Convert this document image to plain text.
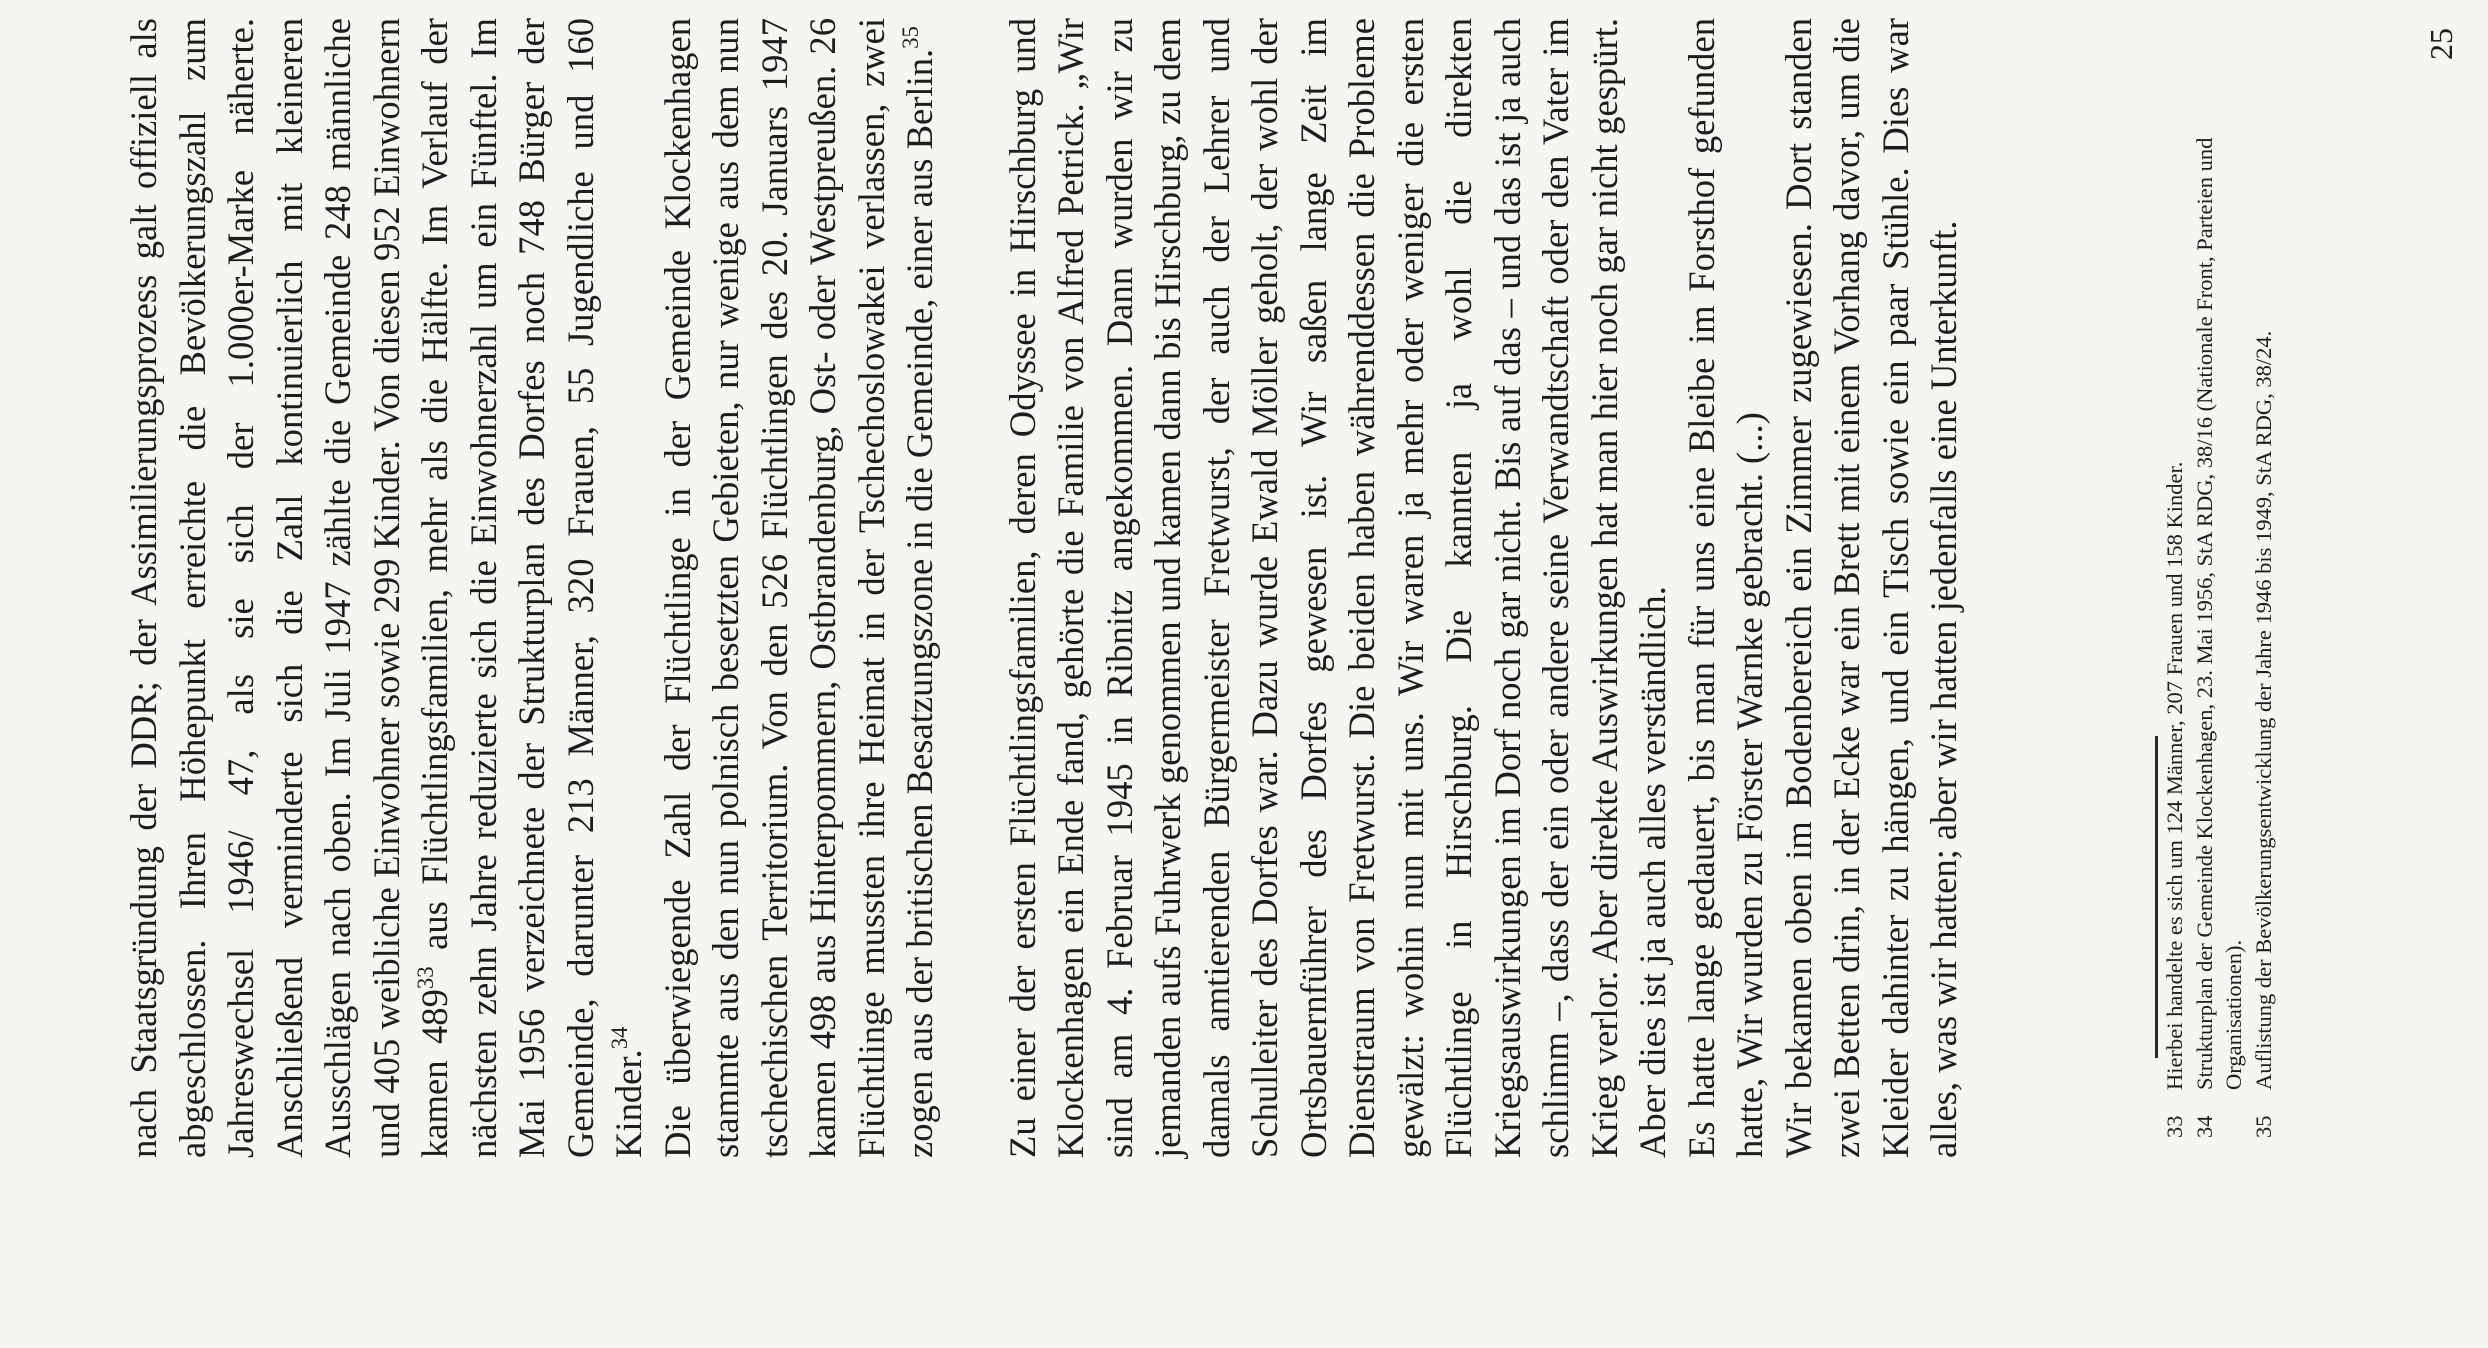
nach Staatsgründung der DDR; der Assimilierungsprozess galt offiziell als abgeschlossen. Ihren Höhepunkt erreichte die Bevölkerungszahl zum Jahreswechsel 1946/ 47, als sie sich der 1.000er-Marke näherte. Anschließend verminderte sich die Zahl kontinuierlich mit kleineren Ausschlägen nach oben. Im Juli 1947 zählte die Gemeinde 248 männliche und 405 weibliche Einwohner sowie 299 Kinder. Von diesen 952 Einwohnern kamen $489^{33}$ aus Flüchtlingsfamilien, mehr als die Hälfte. Im Verlauf der nächsten zehn Jahre reduzierte sich die Einwohnerzahl um ein Fünftel. Im Mai 1956 verzeichnete der Strukturplan des Dorfes noch 748 Bürger der Gemeinde, darunter 213 Männer, 320 Frauen, 55 Jugendliche und 160 Kinder.$^{34}$ Die überwiegende Zahl der Flüchtlinge in der Gemeinde Klockenhagen stammte aus den nun polnisch besetzten Gebieten, nur wenige aus dem nun tschechischen Territorium. Von den 526 Flüchtlingen des 20. Januars 1947 kamen 498 aus Hinterpommern, Ostbrandenburg, Ost- oder Westpreußen. 26 Flüchtlinge mussten ihre Heimat in der Tschechoslowakei verlassen, zwei zogen aus der britischen Besatzungszone in die Gemeinde, einer aus Berlin.$^{35}$	Zu einer der ersten Flüchtlingsfamilien, deren Odyssee in Hirschburg und Klockenhagen ein Ende fand, gehörte die Familie von Alfred Petrick. „Wir sind am 4. Februar 1945 in Ribnitz angekommen. Dann wurden wir zu jemanden aufs Fuhrwerk genommen und kamen dann bis Hirschburg, zu dem damals amtierenden Bürgermeister Fretwurst, der auch der Lehrer und Schulleiter des Dorfes war. Dazu wurde Ewald Möller geholt, der wohl der Ortsbauernführer des Dorfes gewesen ist. Wir saßen lange Zeit im Dienstraum von Fretwurst. Die beiden haben währenddessen die Probleme gewälzt: wohin nun mit uns. Wir waren ja mehr oder weniger die ersten Flüchtlinge in Hirschburg. Die kannten ja wohl die direkten Kriegsauswirkungen im Dorf noch gar nicht. Bis auf das – und das ist ja auch schlimm –, dass der ein oder andere seine Verwandtschaft oder den Vater im Krieg verlor. Aber direkte Auswirkungen hat man hier noch gar nicht gespürt. Aber dies ist ja auch alles verständlich. Es hatte lange gedauert, bis man für uns eine Bleibe im Forsthof gefunden hatte, Wir wurden zu Förster Warnke gebracht. (...) Wir bekamen oben im Bodenbereich ein Zimmer zugewiesen. Dort standen zwei Betten drin, in der Ecke war ein Brett mit einem Vorhang davor, um die Kleider dahinter zu hängen, und ein Tisch sowie ein paar Stühle. Dies war alles, was wir hatten; aber wir hatten jedenfalls eine Unterkunft.	33
Hierbei handelte es sich um 124 Männer, 207 Frauen und 158 Kinder.
34
Strukturplan der Gemeinde Klockenhagen, 23. Mai 1956, StA RDG, 38/16 (Nationale Front, Parteien und Organisationen).
35
Auflistung der Bevölkerungsentwicklung der Jahre 1946 bis 1949, StA RDG, 38/24.
25
